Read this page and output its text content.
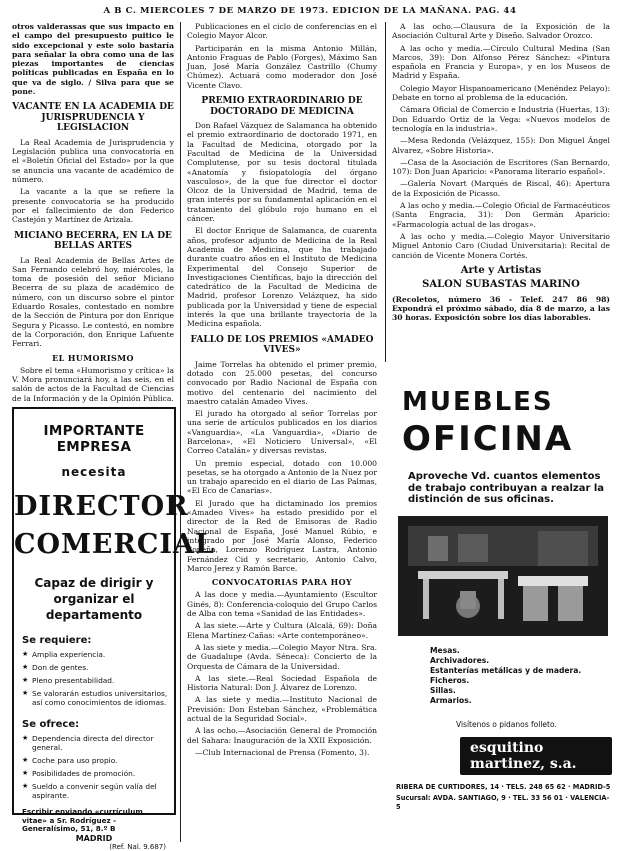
A B C. MIERCOLES 7 DE MARZO DE 1973. EDICION DE LA MAÑANA. PAG. 44

otros valderassas que sus impacto en el campo del presupuesto puitico le sido excepcional y este solo bastaría para señalar la obra como una de las piezas importantes de ciencias políticas publicadas en España en lo que va de siglo. / Silva para que se pone.

VACANTE EN LA ACADEMIA DE JURISPRUDENCIA Y LEGISLACION

La Real Academia de Jurisprudencia y Legislación publica una convocatoria en el «Boletín Oficial del Estado» por la que se anuncia una vacante de académico de número.

La vacante a la que se refiere la presente convocatoria se ha producido por el fallecimiento de don Federico Castejón y Martínez de Arizala.

MICIANO BECERRA, EN LA DE BELLAS ARTES

La Real Academia de Bellas Artes de San Fernando celebró hoy, miércoles, la toma de posesión del señor Miciano Becerra de su plaza de académico de número, con un discurso sobre el pintor Eduardo Rosales, contestado en nombre de la Sección de Pintura por don Enrique Segura y Picasso. Le contestó, en nombre de la Corporación, don Enrique Lafuente Ferrari.

EL HUMORISMO

Sobre el tema «Humorismo y crítica» la V. Mora pronunciará hoy, a las seis, en el salón de actos de la Facultad de Ciencias de la Información y de la Opinión Pública.

Publicaciones en el ciclo de conferencias en el Colegio Mayor Alcor.

Participarán en la misma Antonio Millán, Antonio Fraguas de Pablo (Forges), Máximo San Juan, José María González Castrillo (Chumy Chúmez). Actuará como moderador don José Vicente Clavo.

PREMIO EXTRAORDINARIO DE DOCTORADO DE MEDICINA

Don Rafael Vázquez de Salamanca ha obtenido el premio extraordinario de doctorado 1971, en la Facultad de Medicina, otorgado por la Facultad de Medicina de la Universidad Complutense, por su tesis doctoral titulada «Anatomía y fisiopatología del órgano vasculoso», de la que fue director el doctor Olcoz de la Universidad de Madrid, tema de gran interés por su fundamental aplicación en el tratamiento del glóbulo rojo humano en el cáncer.

El doctor Enrique de Salamanca, de cuarenta años, profesor adjunto de Medicina de la Real Academia de Medicina, que ha trabajado durante cuatro años en el Instituto de Medicina Experimental del Consejo Superior de Investigaciones Científicas, bajo la dirección del catedrático de la Facultad de Medicina de Madrid, profesor Lorenzo Velázquez, ha sido publicada por la Universidad y tiene de especial interés la que una brillante trayectoria de la Medicina española.

FALLO DE LOS PREMIOS «AMADEO VIVES»

Jaime Torrelas ha obtenido el primer premio, dotado con 25.000 pesetas, del concurso convocado por Radio Nacional de España con motivo del centenario del nacimiento del maestro catalán Amadeo Vives.

El jurado ha otorgado al señor Torrelas por una serie de artículos publicados en los diarios «Vanguardia», «La Vanguardia», «Diario de Barcelona», «El Noticiero Universal», «El Correo Catalán» y diversas revistas.

Un premio especial, dotado con 10.000 pesetas, se ha otorgado a Antonio de la Nuez por un trabajo aparecido en el diario de Las Palmas, «El Eco de Canarias».

El Jurado que ha dictaminado los premios «Amadeo Vives» ha estado presidido por el director de la Red de Emisoras de Radio Nacional de España, José Manuel Rúbio, e integrado por José María Alonso, Federico Sopeña, Lorenzo Rodríguez Lastra, Antonio Fernández Cid y secretario, Antonio Calvo, Marco Jerez y Ramón Barce.

CONVOCATORIAS PARA HOY

A las doce y media.—Ayuntamiento (Escultor Ginés, 8): Conferencia-coloquio del Grupo Carlos de Alba con tema «Sanidad de las Entidades».

A las siete.—Arte y Cultura (Alcalá, 69): Doña Elena Martínez-Cañas: «Arte contemporáneo».

A las siete y media.—Colegio Mayor Ntra. Sra. de Guadalupe (Avda. Séneca): Concierto de la Orquesta de Cámara de la Universidad.

A las siete.—Real Sociedad Española de Historia Natural: Don J. Álvarez de Lorenzo.

A las siete y media.—Instituto Nacional de Previsión: Don Esteban Sánchez, «Problemática actual de la Seguridad Social».

A las ocho.—Asociación General de Promoción del Sahara: Inauguración de la XXII Exposición.

—Club Internacional de Prensa (Fomento, 3).

A las ocho.—Clausura de la Exposición de la Asociación Cultural Arte y Diseño. Salvador Orozco.

A las ocho y media.—Círculo Cultural Medina (San Marcos, 39): Don Alfonso Pérez Sánchez: «Pintura española en Francia y Europa», y en los Museos de Madrid y España.

Colegio Mayor Hispanoamericano (Menéndez Pelayo): Debate en torno al problema de la educación.

Cámara Oficial de Comercio e Industria (Huertas, 13): Don Eduardo Ortiz de la Vega: «Nuevos modelos de tecnología en la industria».

—Mesa Redonda (Velázquez, 155): Don Miguel Ángel Alvarez, «Sobre Historia».

—Casa de la Asociación de Escritores (San Bernardo, 107): Don Juan Aparicio: «Panorama literario español».

—Galería Novart (Marqués de Riscal, 46): Apertura de la Exposición de Picasso.

A las ocho y media.—Colegio Oficial de Farmacéuticos (Santa Engracia, 31): Don Germán Aparicio: «Farmacología actual de las drogas».

A las ocho y media.—Colegio Mayor Universitario Miguel Antonio Caro (Ciudad Universitaria): Recital de canción de Vicente Monera Cortés.

Arte y Artistas
SALON SUBASTAS MARINO

(Recoletos, número 36 - Telef. 247 86 98) Expondrá el próximo sábado, día 8 de marzo, a las 30 horas. Exposición sobre los días laborables.

IMPORTANTE EMPRESA
necesita
DIRECTOR
COMERCIAL
Capaz de dirigir y organizar el departamento
Se requiere:
★ Amplia experiencia.
★ Don de gentes.
★ Pleno presentabilidad.
★ Se valorarán estudios universitarios, así como conocimientos de idiomas.
Se ofrece:
★ Dependencia directa del director general.
★ Coche para uso propio.
★ Posibilidades de promoción.
★ Sueldo a convenir según valía del aspirante.
Escribir enviando «currículum vitae» a Sr. Rodríguez - Generalísimo, 51, 8.º B
MADRID
(Ref. Nal. 9.687)
MUEBLES
OFICINA
Aproveche Vd. cuantos elementos de trabajo contribuyan a realzar la distinción de sus oficinas.
Mesas.
Archivadores.
Estanterías metálicas y de madera.
Ficheros.
Sillas.
Armarios.
Visítenos o pidanos folleto.
esquitino martinez, s.a.
RIBERA DE CURTIDORES, 14 · TELS. 248 65 62 · MADRID-5
Sucursal: AVDA. SANTIAGO, 9 · TEL. 33 56 01 · VALENCIA-5
